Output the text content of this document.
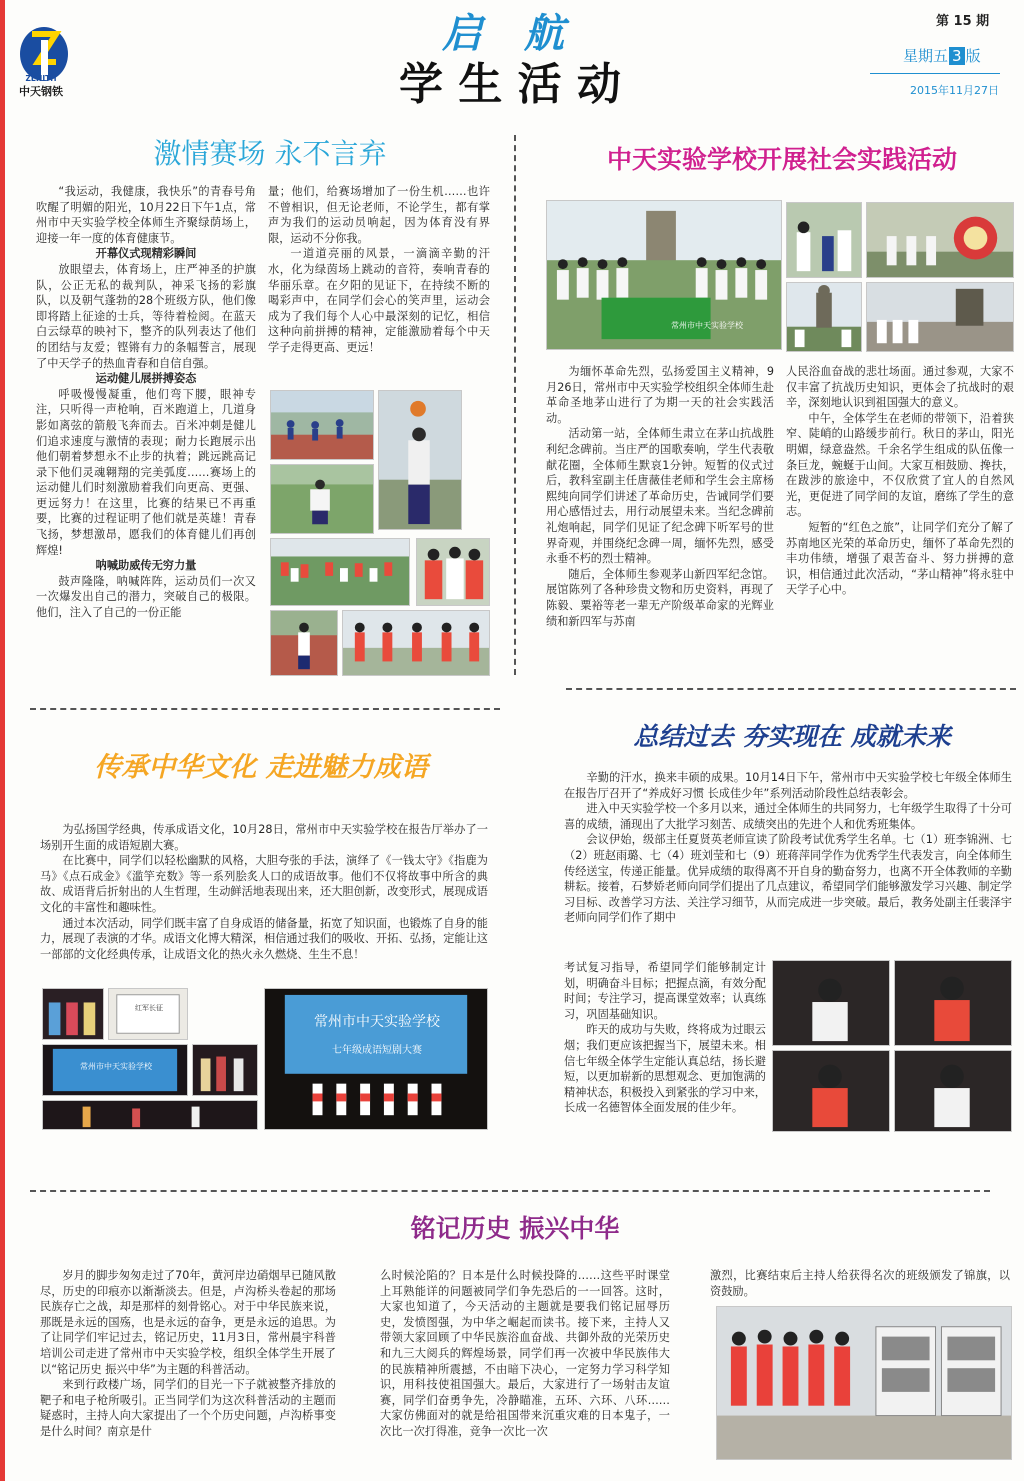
ZENITH
中天钢铁
启 航
学 生 活 动
第 15 期
星期五 3 版
2015年11月27日
激情赛场 永不言弃

“我运动，我健康，我快乐”的青春号角吹醒了明媚的阳光，10月22日下午1点，常州市中天实验学校全体师生齐聚绿荫场上，迎接一年一度的体育健康节。

开幕仪式现精彩瞬间

放眼望去，体育场上，庄严神圣的护旗队，公正无私的裁判队，神采飞扬的彩旗队，以及朝气蓬勃的28个班级方队，他们像即将踏上征途的士兵，等待着检阅。在蓝天白云绿草的映衬下，整齐的队列表达了他们的团结与友爱；铿锵有力的条幅誓言，展现了中天学子的热血青春和自信自强。

运动健儿展拼搏姿态

呼吸慢慢凝重，他们弯下腰，眼神专注，只听得一声枪响，百米跑道上，几道身影如离弦的箭般飞奔而去。百米冲刺是健儿们追求速度与激情的表现；耐力长跑展示出他们朝着梦想永不止步的执着；跳远跳高记录下他们灵魂翱翔的完美弧度……赛场上的运动健儿们时刻激励着我们向更高、更强、更远努力！在这里，比赛的结果已不再重要，比赛的过程证明了他们就是英雄！青春飞扬，梦想激昂，愿我们的体育健儿们再创辉煌!

呐喊助威传无穷力量

鼓声隆隆，呐喊阵阵，运动员们一次又一次爆发出自己的潜力，突破自己的极限。他们，注入了自己的一份正能

量；他们，给赛场增加了一份生机……也许不曾相识，但无论老师，不论学生，都有掌声为我们的运动员响起，因为体育没有界限，运动不分你我。

一道道亮丽的风景，一滴滴辛勤的汗水，化为绿茵场上跳动的音符，奏响青春的华丽乐章。在夕阳的见证下，在持续不断的喝彩声中，在同学们会心的笑声里，运动会成为了我们每个人心中最深刻的记忆，相信这种向前拼搏的精神，定能激励着每个中天学子走得更高、更远！

中天实验学校开展社会实践活动
常州市中天实验学校

为缅怀革命先烈，弘扬爱国主义精神，9月26日，常州市中天实验学校组织全体师生赴革命圣地茅山进行了为期一天的社会实践活动。

活动第一站，全体师生肃立在茅山抗战胜利纪念碑前。当庄严的国歌奏响，学生代表敬献花圈，全体师生默哀1分钟。短暂的仪式过后，教科室副主任唐薇佳老师和学生会主席杨熙纯向同学们讲述了革命历史，告诫同学们要用心感悟过去，用行动展望未来。当纪念碑前礼炮响起，同学们见证了纪念碑下听军号的世界奇观，并围绕纪念碑一周，缅怀先烈，感受永垂不朽的烈士精神。

随后，全体师生参观茅山新四军纪念馆。展馆陈列了各种珍贵文物和历史资料，再现了陈毅、粟裕等老一辈无产阶级革命家的光辉业绩和新四军与苏南

人民浴血奋战的悲壮场面。通过参观，大家不仅丰富了抗战历史知识，更体会了抗战时的艰辛，深刻地认识到祖国强大的意义。

中午，全体学生在老师的带领下，沿着狭窄、陡峭的山路缓步前行。秋日的茅山，阳光明媚，绿意盎然。千余名学生组成的队伍像一条巨龙，蜿蜒于山间。大家互相鼓励、搀扶，在跋涉的旅途中，不仅欣赏了宜人的自然风光，更促进了同学间的友谊，磨练了学生的意志。

短暂的“红色之旅”，让同学们充分了解了苏南地区光荣的革命历史，缅怀了革命先烈的丰功伟绩，增强了艰苦奋斗、努力拼搏的意识，相信通过此次活动，“茅山精神”将永驻中天学子心中。

传承中华文化 走进魅力成语

为弘扬国学经典，传承成语文化，10月28日，常州市中天实验学校在报告厅举办了一场别开生面的成语短剧大赛。

在比赛中，同学们以轻松幽默的风格，大胆夸张的手法，演绎了《一钱太守》《指鹿为马》《点石成金》《滥竽充数》等一系列脍炙人口的成语故事。他们不仅将故事中所含的典故、成语背后折射出的人生哲理，生动鲜活地表现出来，还大胆创新，改变形式，展现成语文化的丰富性和趣味性。

通过本次活动，同学们既丰富了自身成语的储备量，拓宽了知识面，也锻炼了自身的能力，展现了表演的才华。成语文化博大精深，相信通过我们的吸收、开拓、弘扬，定能让这一部部的文化经典传承，让成语文化的热火永久燃烧、生生不息！

红军长征
常州市中天实验学校
常州市中天实验学校
七年级成语短剧大赛
总结过去 夯实现在 成就未来

辛勤的汗水，换来丰硕的成果。10月14日下午，常州市中天实验学校七年级全体师生在报告厅召开了“养成好习惯 长成佳少年”系列活动阶段性总结表彰会。

进入中天实验学校一个多月以来，通过全体师生的共同努力，七年级学生取得了十分可喜的成绩，涌现出了大批学习刻苦、成绩突出的先进个人和优秀班集体。

会议伊始，级部主任夏贤英老师宣读了阶段考试优秀学生名单。七（1）班李锦洲、七（2）班赵雨璐、七（4）班刘莹和七（9）班蒋萍同学作为优秀学生代表发言，向全体师生传经送宝，传递正能量。优异成绩的取得离不开自身的勤奋努力，也离不开全体教师的辛勤耕耘。接着，石梦娇老师向同学们提出了几点建议，希望同学们能够激发学习兴趣、制定学习目标、改善学习方法、关注学习细节，从而完成进一步突破。最后，教务处副主任裴泽宇老师向同学们作了期中

考试复习指导，希望同学们能够制定计划，明确奋斗目标；把握点滴，有效分配时间；专注学习，提高课堂效率；认真练习，巩固基础知识。

昨天的成功与失败，终将成为过眼云烟；我们更应该把握当下，展望未来。相信七年级全体学生定能认真总结，扬长避短，以更加崭新的思想观念、更加饱满的精神状态，积极投入到紧张的学习中来，长成一名德智体全面发展的佳少年。

铭记历史 振兴中华

岁月的脚步匆匆走过了70年，黄河岸边硝烟早已随风散尽，历史的印痕亦以渐渐淡去。但是，卢沟桥头卷起的那场民族存亡之战，却是那样的刻骨铭心。对于中华民族来说，那既是永远的国殇，也是永远的奋争，更是永远的追思。为了让同学们牢记过去，铭记历史，11月3日，常州晨宇科普培训公司走进了常州市中天实验学校，组织全体学生开展了以“铭记历史 振兴中华”为主题的科普活动。

来到行政楼广场，同学们的目光一下子就被整齐排放的靶子和电子枪所吸引。正当同学们为这次科普活动的主题而疑惑时，主持人向大家提出了一个个历史问题，卢沟桥事变是什么时间？南京是什

么时候沦陷的？日本是什么时候投降的……这些平时课堂上耳熟能详的问题被同学们争先恐后的一一回答。这时，大家也知道了，今天活动的主题就是要我们铭记屈辱历史，发愤图强，为中华之崛起而读书。接下来，主持人又带领大家回顾了中华民族浴血奋战、共御外敌的光荣历史和九三大阅兵的辉煌场景，同学们再一次被中华民族伟大的民族精神所震撼，不由暗下决心，一定努力学习科学知识，用科技使祖国强大。最后，大家进行了一场射击友谊赛，同学们奋勇争先，冷静瞄准，五环、六环、八环……大家仿佛面对的就是给祖国带来沉重灾难的日本鬼子，一次比一次打得准，竞争一次比一次

激烈，比赛结束后主持人给获得名次的班级颁发了锦旗，以资鼓励。
